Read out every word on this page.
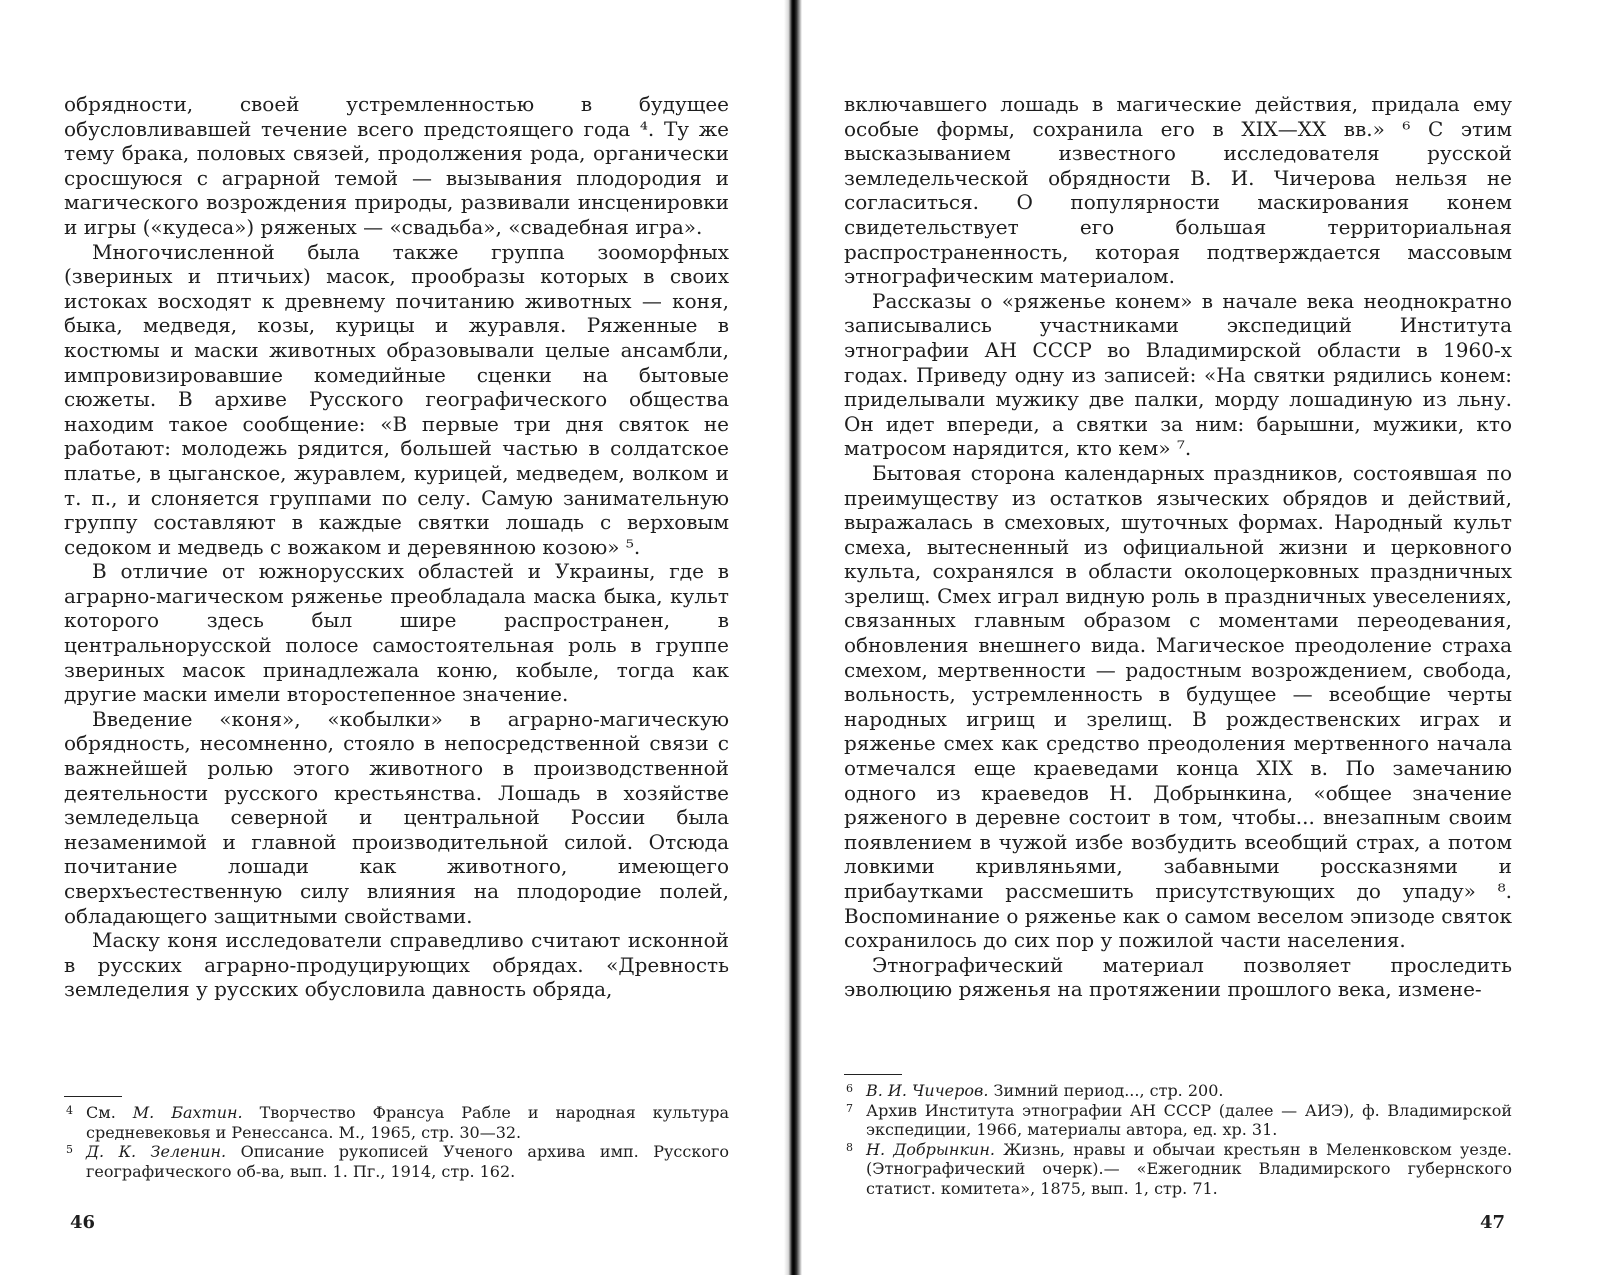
обрядности, своей устремленностью в будущее обусловливавшей течение всего предстоящего года ⁴. Ту же тему брака, половых связей, продолжения рода, органически сросшуюся с аграрной темой — вызывания плодородия и магического возрождения природы, развивали инсценировки и игры («кудеса») ряженых — «свадьба», «свадебная игра».

Многочисленной была также группа зооморфных (звериных и птичьих) масок, прообразы которых в своих истоках восходят к древнему почитанию животных — коня, быка, медведя, козы, курицы и журавля. Ряженные в костюмы и маски животных образовывали целые ансамбли, импровизировавшие комедийные сценки на бытовые сюжеты. В архиве Русского географического общества находим такое сообщение: «В первые три дня святок не работают: молодежь рядится, большей частью в солдатское платье, в цыганское, журавлем, курицей, медведем, волком и т. п., и слоняется группами по селу. Самую занимательную группу составляют в каждые святки лошадь с верховым седоком и медведь с вожаком и деревянною козою» ⁵.

В отличие от южнорусских областей и Украины, где в аграрно-магическом ряженье преобладала маска быка, культ которого здесь был шире распространен, в центральнорусской полосе самостоятельная роль в группе звериных масок принадлежала коню, кобыле, тогда как другие маски имели второстепенное значение.

Введение «коня», «кобылки» в аграрно-магическую обрядность, несомненно, стояло в непосредственной связи с важнейшей ролью этого животного в производственной деятельности русского крестьянства. Лошадь в хозяйстве земледельца северной и центральной России была незаменимой и главной производительной силой. Отсюда почитание лошади как животного, имеющего сверхъестественную силу влияния на плодородие полей, обладающего защитными свойствами.

Маску коня исследователи справедливо считают исконной в русских аграрно-продуцирующих обрядах. «Древность земледелия у русских обусловила давность обряда,

4 См. М. Бахтин. Творчество Франсуа Рабле и народная культура средневековья и Ренессанса. М., 1965, стр. 30—32.

5 Д. К. Зеленин. Описание рукописей Ученого архива имп. Русского географического об-ва, вып. 1. Пг., 1914, стр. 162.

46

включавшего лошадь в магические действия, придала ему особые формы, сохранила его в XIX—XX вв.» ⁶ С этим высказыванием известного исследователя русской земледельческой обрядности В. И. Чичерова нельзя не согласиться. О популярности маскирования конем свидетельствует его большая территориальная распространенность, которая подтверждается массовым этнографическим материалом.

Рассказы о «ряженье конем» в начале века неоднократно записывались участниками экспедиций Института этнографии АН СССР во Владимирской области в 1960-х годах. Приведу одну из записей: «На святки рядились конем: приделывали мужику две палки, морду лошадиную из льну. Он идет впереди, а святки за ним: барышни, мужики, кто матросом нарядится, кто кем» ⁷.

Бытовая сторона календарных праздников, состоявшая по преимуществу из остатков языческих обрядов и действий, выражалась в смеховых, шуточных формах. Народный культ смеха, вытесненный из официальной жизни и церковного культа, сохранялся в области околоцерковных праздничных зрелищ. Смех играл видную роль в праздничных увеселениях, связанных главным образом с моментами переодевания, обновления внешнего вида. Магическое преодоление страха смехом, мертвенности — радостным возрождением, свобода, вольность, устремленность в будущее — всеобщие черты народных игрищ и зрелищ. В рождественских играх и ряженье смех как средство преодоления мертвенного начала отмечался еще краеведами конца XIX в. По замечанию одного из краеведов Н. Добрынкина, «общее значение ряженого в деревне состоит в том, чтобы... внезапным своим появлением в чужой избе возбудить всеобщий страх, а потом ловкими кривляньями, забавными россказнями и прибаутками рассмешить присутствующих до упаду» ⁸. Воспоминание о ряженье как о самом веселом эпизоде святок сохранилось до сих пор у пожилой части населения.

Этнографический материал позволяет проследить эволюцию ряженья на протяжении прошлого века, измене-

6 В. И. Чичеров. Зимний период..., стр. 200.

7 Архив Института этнографии АН СССР (далее — АИЭ), ф. Владимирской экспедиции, 1966, материалы автора, ед. хр. 31.

8 Н. Добрынкин. Жизнь, нравы и обычаи крестьян в Меленковском уезде. (Этнографический очерк).— «Ежегодник Владимирского губернского статист. комитета», 1875, вып. 1, стр. 71.

47
